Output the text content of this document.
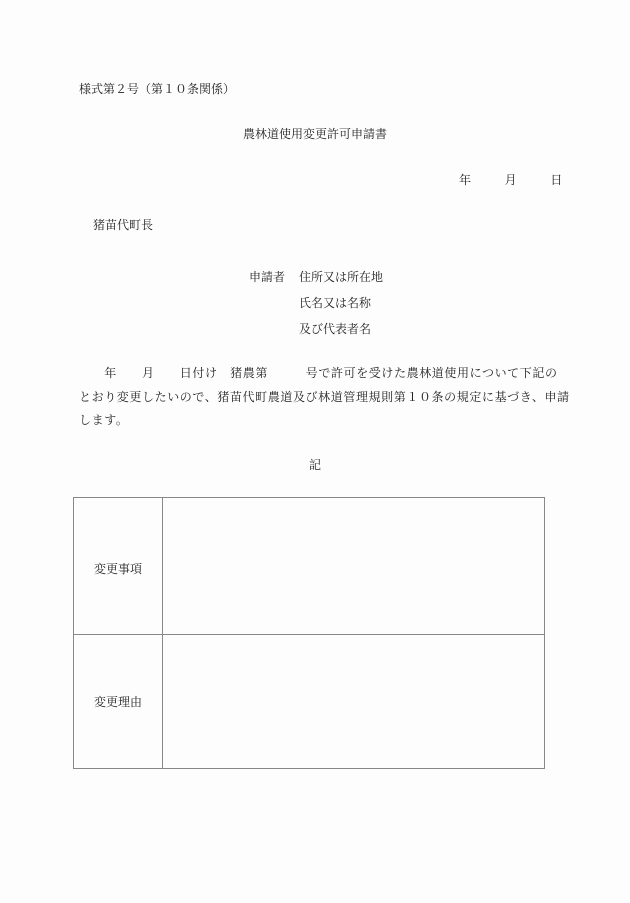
様式第２号（第１０条関係）
農林道使用変更許可申請書
年	月	日
猪苗代町長
申請者 住所又は所在地
氏名又は名称
及び代表者名
　　年　　月　　日付け　猪農第　　　号で許可を受けた農林道使用について下記の
とおり変更したいので、猪苗代町農道及び林道管理規則第１０条の規定に基づき、申請
します。
記
変更事項
変更理由
